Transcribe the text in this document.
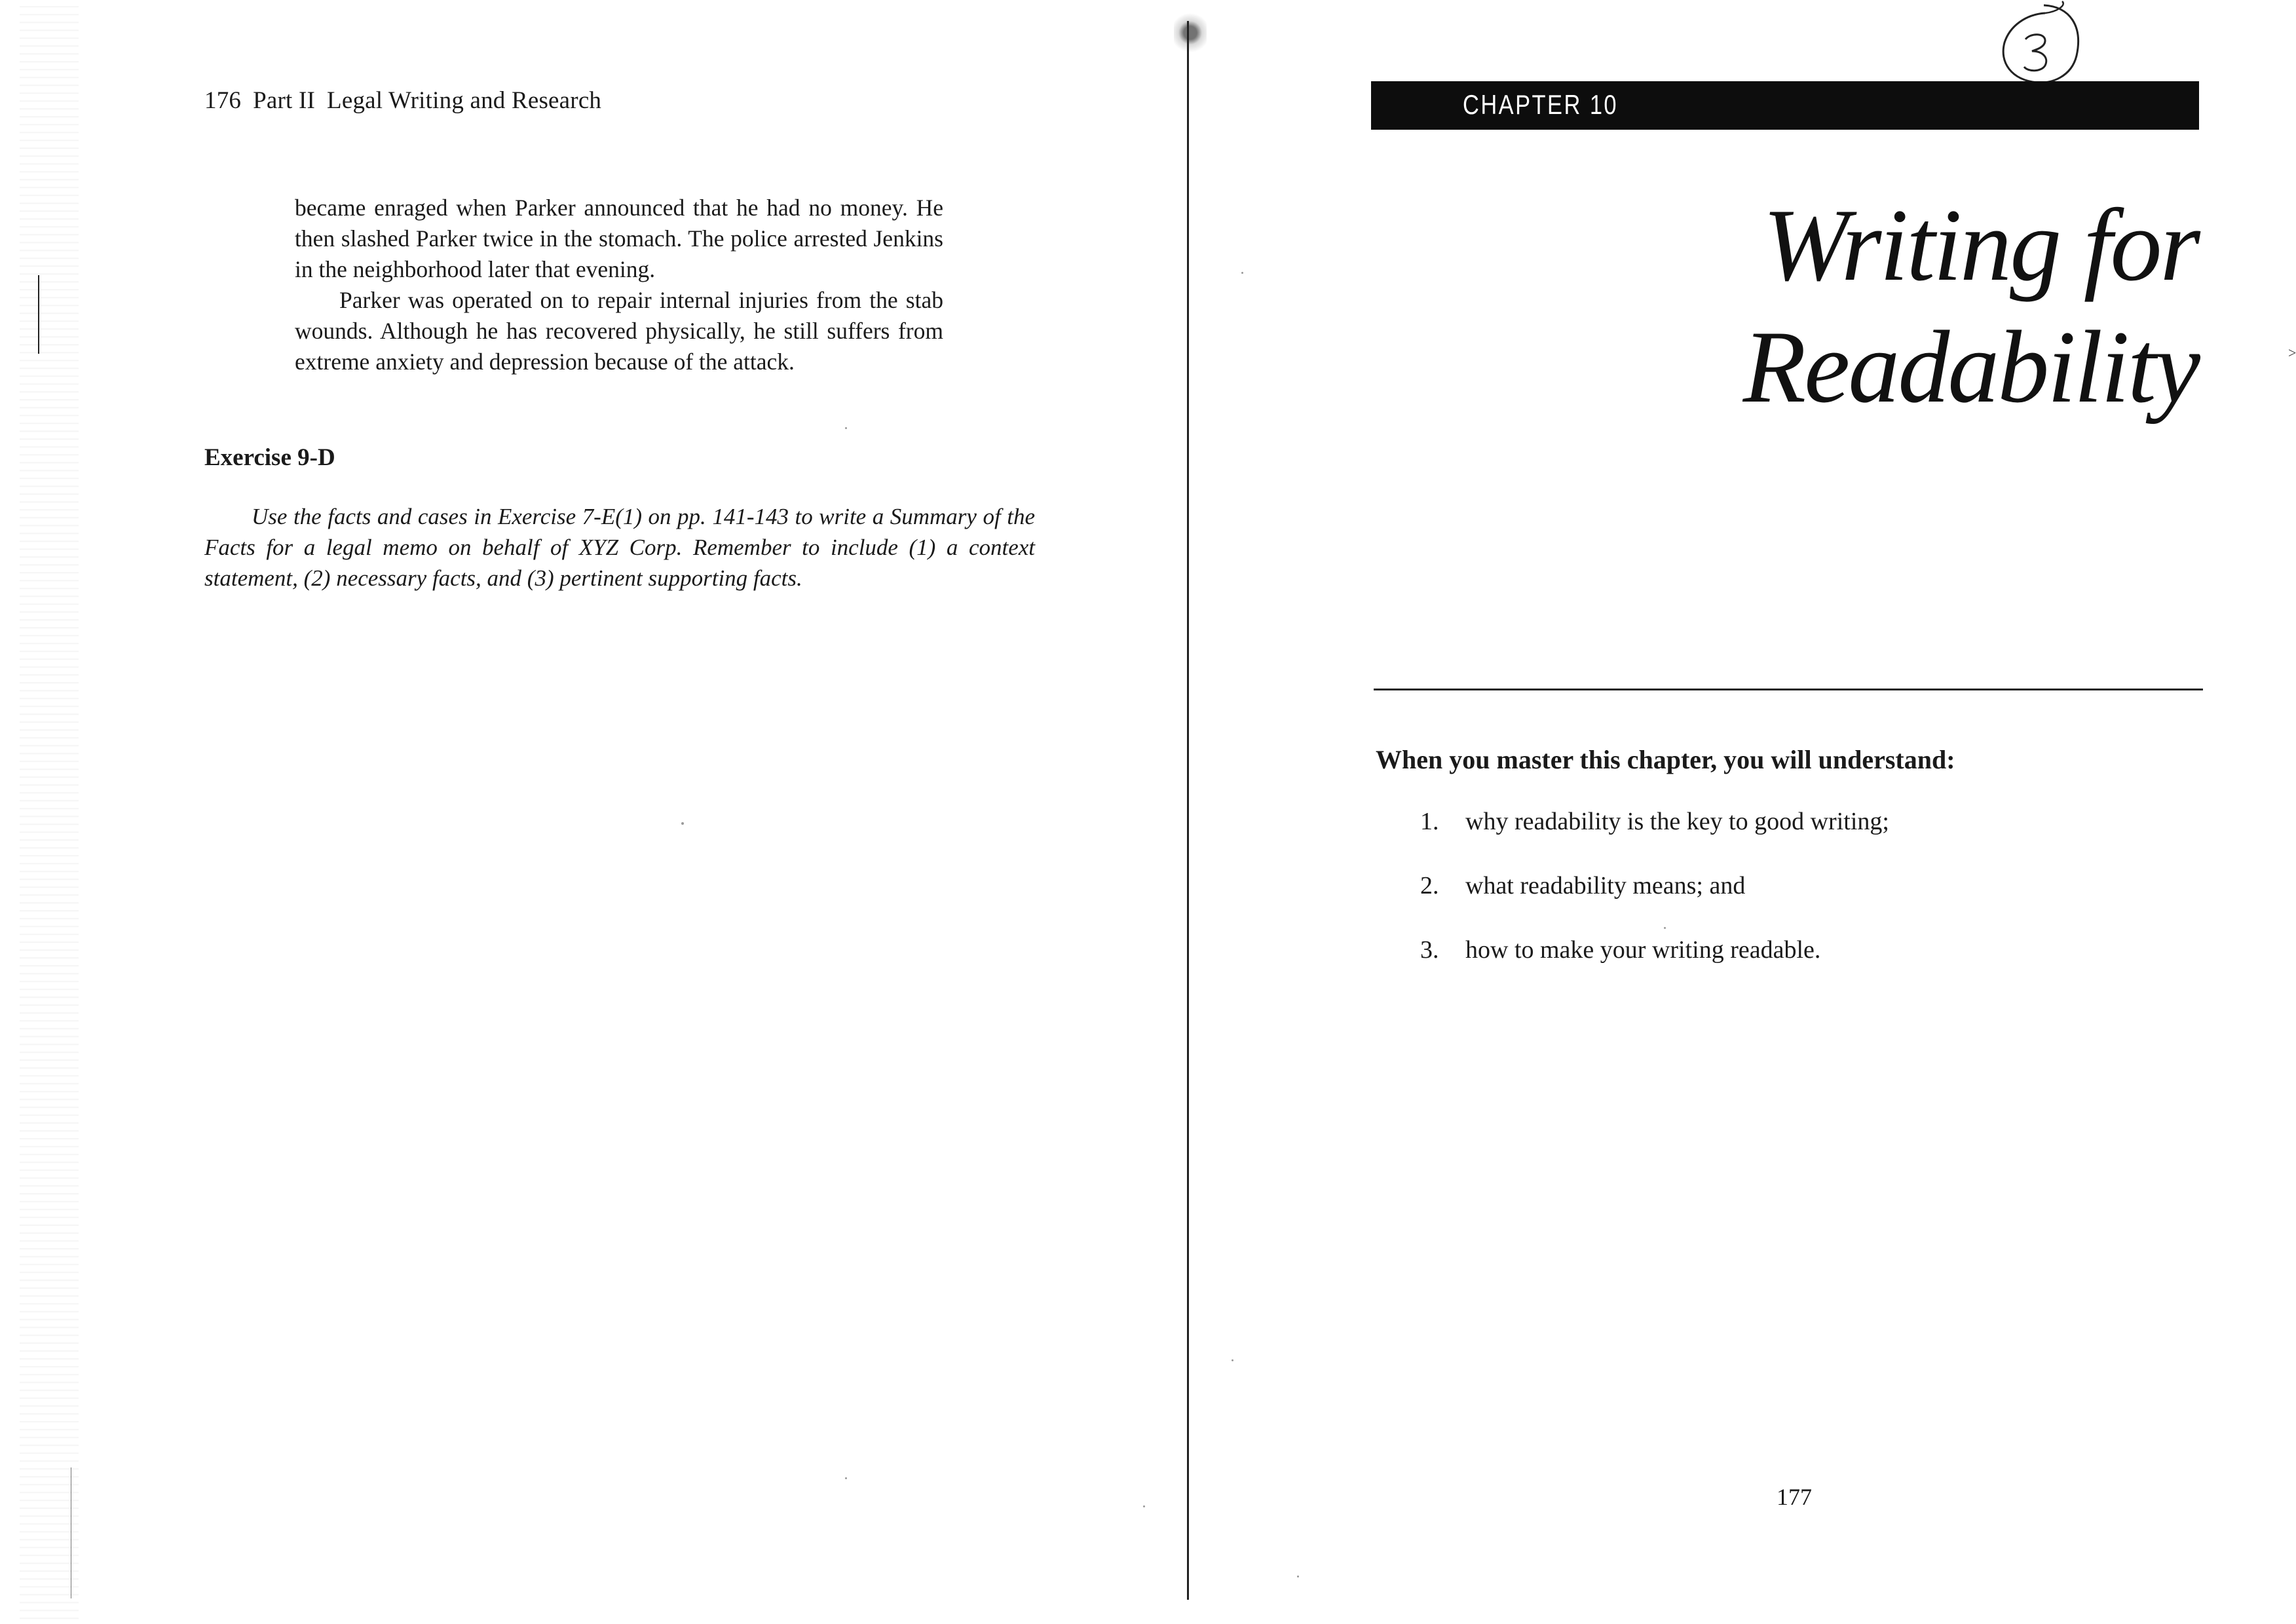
176 Part II Legal Writing and Research
became enraged when Parker announced that he had no money. He then slashed Parker twice in the stomach. The police arrested Jenkins in the neighborhood later that evening.
Parker was operated on to repair internal injuries from the stab wounds. Although he has recovered physically, he still suffers from extreme anxiety and depression because of the attack.
Exercise 9-D
Use the facts and cases in Exercise 7-E(1) on pp. 141-143 to write a Summary of the Facts for a legal memo on behalf of XYZ Corp. Remember to include (1) a context statement, (2) necessary facts, and (3) pertinent supporting facts.
CHAPTER 10
Writing for
Readability	˃
When you master this chapter, you will understand:
1. why readability is the key to good writing;
2. what readability means; and
3. how to make your writing readable.
177
